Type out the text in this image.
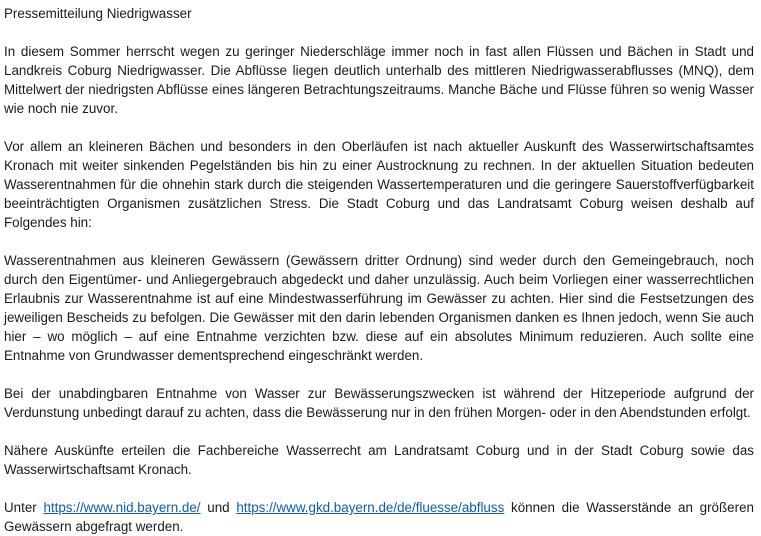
Pressemitteilung Niedrigwasser

In diesem Sommer herrscht wegen zu geringer Niederschläge immer noch in fast allen Flüssen und Bächen in Stadt und Landkreis Coburg Niedrigwasser. Die Abflüsse liegen deutlich unterhalb des mittleren Niedrigwasserabflusses (MNQ), dem Mittelwert der niedrigsten Abflüsse eines längeren Betrachtungszeitraums. Manche Bäche und Flüsse führen so wenig Wasser wie noch nie zuvor.

Vor allem an kleineren Bächen und besonders in den Oberläufen ist nach aktueller Auskunft des Wasserwirtschaftsamtes Kronach mit weiter sinkenden Pegelständen bis hin zu einer Austrocknung zu rechnen. In der aktuellen Situation bedeuten Wasserentnahmen für die ohnehin stark durch die steigenden Wassertemperaturen und die geringere Sauerstoffverfügbarkeit beeinträchtigten Organismen zusätzlichen Stress. Die Stadt Coburg und das Landratsamt Coburg weisen deshalb auf Folgendes hin:

Wasserentnahmen aus kleineren Gewässern (Gewässern dritter Ordnung) sind weder durch den Gemeingebrauch, noch durch den Eigentümer- und Anliegergebrauch abgedeckt und daher unzulässig. Auch beim Vorliegen einer wasserrechtlichen Erlaubnis zur Wasserentnahme ist auf eine Mindestwasserführung im Gewässer zu achten. Hier sind die Festsetzungen des jeweiligen Bescheids zu befolgen. Die Gewässer mit den darin lebenden Organismen danken es Ihnen jedoch, wenn Sie auch hier – wo möglich – auf eine Entnahme verzichten bzw. diese auf ein absolutes Minimum reduzieren. Auch sollte eine Entnahme von Grundwasser dementsprechend eingeschränkt werden.

Bei der unabdingbaren Entnahme von Wasser zur Bewässerungszwecken ist während der Hitzeperiode aufgrund der Verdunstung unbedingt darauf zu achten, dass die Bewässerung nur in den frühen Morgen- oder in den Abendstunden erfolgt.

Nähere Auskünfte erteilen die Fachbereiche Wasserrecht am Landratsamt Coburg und in der Stadt Coburg sowie das Wasserwirtschaftsamt Kronach.

Unter https://www.nid.bayern.de/ und https://www.gkd.bayern.de/de/fluesse/abfluss können die Wasserstände an größeren Gewässern abgefragt werden.
